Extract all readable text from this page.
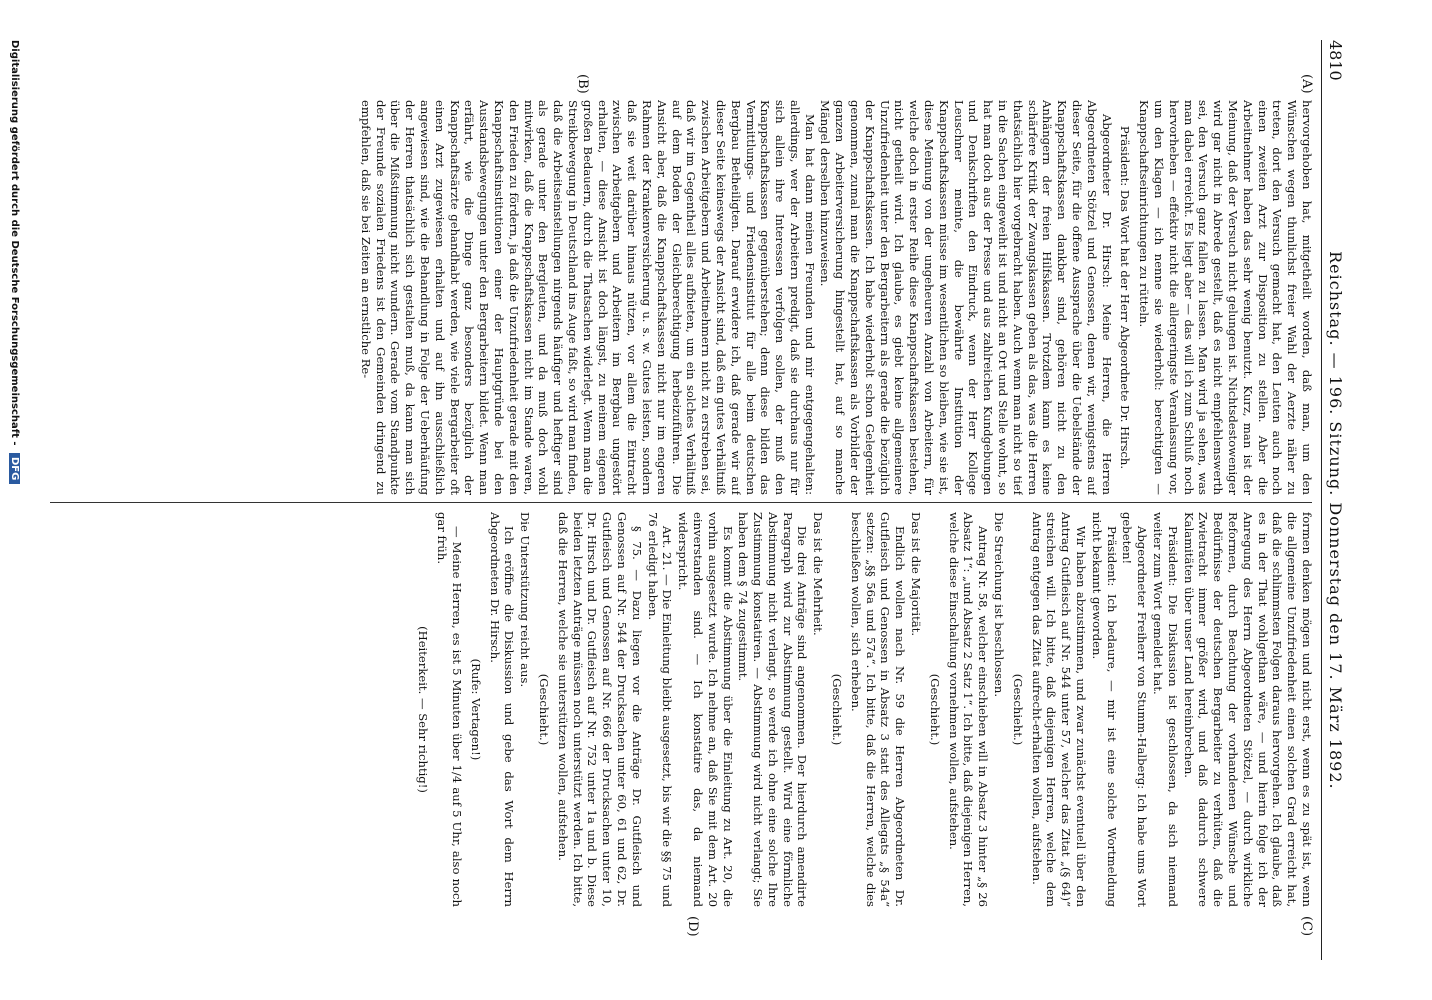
4810
Reichstag. — 196. Sitzung. Donnerstag den 17. März 1892.
(A)
(B)
(C)
(D)

hervorgehoben hat, mitgetheilt worden, daß man, um den Wünschen wegen thunlichst freier Wahl der Aerzte näher zu treten, dort den Versuch gemacht hat, den Leuten auch noch einen zweiten Arzt zur Disposition zu stellen. Aber die Arbeitnehmer haben das sehr wenig benutzt. Kurz, man ist der Meinung, daß der Versuch nicht gelungen ist. Nichtsdestoweniger wird gar nicht in Abrede gestellt, daß es nicht empfehlenswerth sei, den Versuch ganz fallen zu lassen. Man wird ja sehen, was man dabei erreicht. Es liegt aber — das will ich zum Schluß noch hervorheben — effektiv nicht die allergeringste Veranlassung vor, um den Klagen — ich nenne sie wiederholt: berechtigten — Knappschaftseinrichtungen zu rütteln.

Präsident: Das Wort hat der Herr Abgeordnete Dr. Hirsch.

Abgeordneter Dr. Hirsch: Meine Herren, die Herren Abgeordneten Stötzel und Genossen, denen wir, wenigstens auf dieser Seite, für die offene Aussprache über die Uebelstände der Knappschaftskassen dankbar sind, gehören nicht zu den Anhängern der freien Hilfskassen. Trotzdem kann es keine schärfere Kritik der Zwangskassen geben als das, was die Herren thatsächlich hier vorgebracht haben. Auch wenn man nicht so tief in die Sachen eingeweiht ist und nicht an Ort und Stelle wohnt, so hat man doch aus der Presse und aus zahlreichen Kundgebungen und Denkschriften den Eindruck, wenn der Herr Kollege Leuschner meinte, die bewährte Institution der Knappschaftskassen müsse im wesentlichen so bleiben, wie sie ist, diese Meinung von der ungeheuren Anzahl von Arbeitern, für welche doch in erster Reihe diese Knappschaftskassen bestehen, nicht getheilt wird. Ich glaube, es giebt keine allgemeinere Unzufriedenheit unter den Bergarbeitern als gerade die bezüglich der Knappschaftskassen. Ich habe wiederholt schon Gelegenheit genommen, zumal man die Knappschaftskassen als Vorbilder der ganzen Arbeiterversicherung hingestellt hat, auf so manche Mängel derselben hinzuweisen.

Man hat dann meinen Freunden und mir entgegengehalten: allerdings, wer der Arbeitern predigt, daß sie durchaus nur für sich allein ihre Interessen verfolgen sollen, der muß den Knappschaftskassen gegenüberstehen; denn diese bilden das Vermittlungs- und Friedensinstitut für alle beim deutschen Bergbau Betheiligten. Darauf erwidere ich, daß gerade wir auf dieser Seite keineswegs der Ansicht sind, daß ein gutes Verhältniß zwischen Arbeitgebern und Arbeitnehmern nicht zu erstreben sei, daß wir im Gegentheil alles aufbieten, um ein solches Verhältniß auf dem Boden der Gleichberechtigung herbeizuführen. Die Ansicht aber, daß die Knappschaftskassen nicht nur im engeren Rahmen der Krankenversicherung u. s. w. Gutes leisten, sondern daß sie weit darüber hinaus nützen, vor allem die Eintracht zwischen Arbeitgebern und Arbeitern im Bergbau ungestört erhalten, — diese Ansicht ist doch längst, zu meinem eigenen großen Bedauern, durch die Thatsachen widerlegt. Wenn man die Streikbewegung in Deutschland ins Auge faßt, so wird man finden, daß die Arbeitseinstellungen nirgends häufiger und heftiger sind als gerade unter den Bergleuten, und da muß doch wohl mitwirken, daß die Knappschaftskassen nicht im Stande waren, den Frieden zu fördern, ja daß die Unzufriedenheit gerade mit den Knappschaftsinstitutionen einer der Hauptgründe bei den Ausstandsbewegungen unter den Bergarbeitern bildet. Wenn man erfährt, wie die Dinge ganz besonders bezüglich der Knappschaftsärzte gehandhabt werden, wie viele Bergarbeiter oft einen Arzt zugewiesen erhalten und auf ihn ausschließlich angewiesen sind, wie die Behandlung in Folge der Ueberhäufung der Herren thatsächlich sich gestalten muß, da kann man sich über die Mißstimmung nicht wundern. Gerade vom Standpunkte der Freunde sozialen Friedens ist den Gemeinden dringend zu empfehlen, daß sie bei Zeiten an ernstliche Re-

formen denken mögen und nicht erst, wenn es zu spät ist, wenn die allgemeine Unzufriedenheit einen solchen Grad erreicht hat, daß die schlimmsten Folgen daraus hervorgehen. Ich glaube, daß es in der That wohlgethan wäre, — und hierin folge ich der Anregung des Herrn Abgeordneten Stötzel, — durch wirkliche Reformen, durch Beachtung der vorhandenen Wünsche und Bedürfnisse der deutschen Bergarbeiter zu verhüten, daß die Zwietracht immer größer wird, und daß dadurch schwere Kalamitäten über unser Land hereinbrechen.

Präsident: Die Diskussion ist geschlossen, da sich niemand weiter zum Wort gemeldet hat.

Abgeordneter Freiherr von Stumm-Halberg: Ich habe ums Wort gebeten!

Präsident: Ich bedaure, — mir ist eine solche Wortmeldung nicht bekannt geworden.

Wir haben abzustimmen, und zwar zunächst eventuell über den Antrag Gutfleisch auf Nr. 544 unter 57, welcher das Zitat „(§ 64)“ streichen will. Ich bitte, daß diejenigen Herren, welche dem Antrag entgegen das Zitat aufrecht-erhalten wollen, aufstehen.

(Geschieht.)

Die Streichung ist beschlossen.

Antrag Nr. 58, welcher einschieben will in Absatz 3 hinter „§ 26 Absatz 1“: „und Absatz 2 Satz 1“. Ich bitte, daß diejenigen Herren, welche diese Einschaltung vornehmen wollen, aufstehen.

(Geschieht.)

Das ist die Majorität.

Endlich wollen nach Nr. 59 die Herren Abgeordneten Dr. Gutfleisch und Genossen in Absatz 3 statt des Allegats „§ 54a“ setzen: „§§ 56a und 57a“. Ich bitte, daß die Herren, welche dies beschließen wollen, sich erheben.

(Geschieht.)

Das ist die Mehrheit.

Die drei Anträge sind angenommen. Der hierdurch amendirte Paragraph wird zur Abstimmung gestellt. Wird eine förmliche Abstimmung nicht verlangt, so werde ich ohne eine solche Ihre Zustimmung konstatiren. — Abstimmung wird nicht verlangt; Sie haben dem § 74 zugestimmt.

Es kommt die Abstimmung über die Einleitung zu Art. 20, die vorhin ausgesetzt wurde. Ich nehme an, daß Sie mit dem Art. 20 einverstanden sind. — Ich konstatire das, da niemand widerspricht.

Art. 21. — Die Einleitung bleibt ausgesetzt, bis wir die §§ 75 und 76 erledigt haben.

§ 75. — Dazu liegen vor die Anträge Dr. Gutfleisch und Genossen auf Nr. 544 der Drucksachen unter 60, 61 und 62, Dr. Gutfleisch und Genossen auf Nr. 666 der Drucksachen unter 10, Dr. Hirsch und Dr. Gutfleisch auf Nr. 752 unter 1a und b. Diese beiden letzten Anträge müssen noch unterstützt werden. Ich bitte, daß die Herren, welche sie unterstützen wollen, aufstehen.

(Geschieht.)

Die Unterstützung reicht aus.

Ich eröffne die Diskussion und gebe das Wort dem Herrn Abgeordneten Dr. Hirsch.

(Rufe: Vertagen!)

— Meine Herren, es ist 5 Minuten über 1/4 auf 5 Uhr, also noch gar früh.

(Heiterkeit. — Sehr richtig!)

Digitalisierung gefördert durch die Deutsche Forschungsgemeinschaft - DFG
